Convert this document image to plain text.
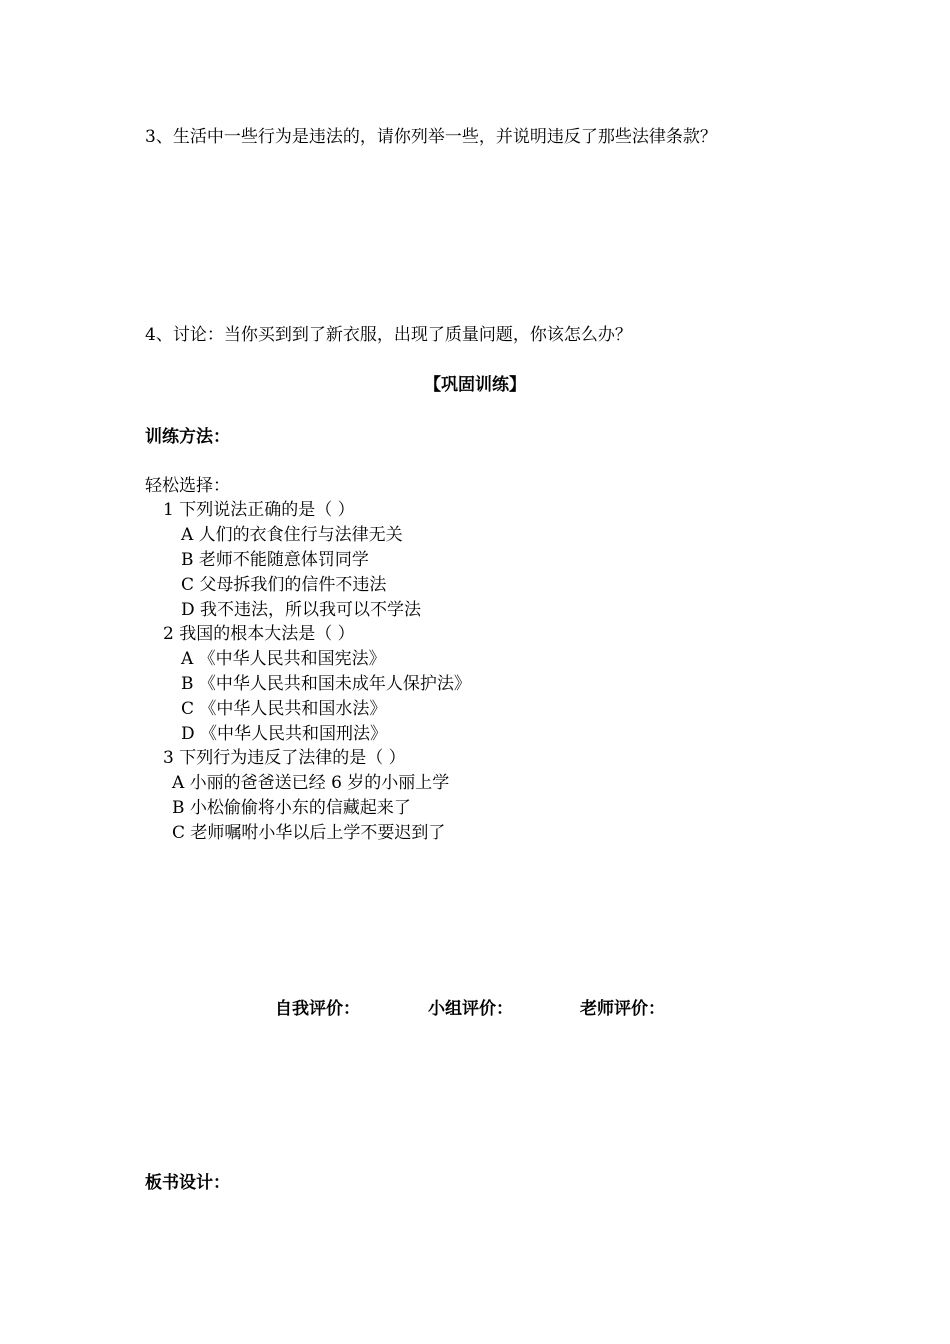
3、生活中一些行为是违法的，请你列举一些，并说明违反了那些法律条款？
4、讨论：当你买到到了新衣服，出现了质量问题，你该怎么办？
【巩固训练】
训练方法：
轻松选择：
1 下列说法正确的是（ ）
A 人们的衣食住行与法律无关
B 老师不能随意体罚同学
C 父母拆我们的信件不违法
D 我不违法，所以我可以不学法
2 我国的根本大法是（ ）
A 《中华人民共和国宪法》
B 《中华人民共和国未成年人保护法》
C 《中华人民共和国水法》
D 《中华人民共和国刑法》
3 下列行为违反了法律的是（ ）
A 小丽的爸爸送已经 6 岁的小丽上学
B 小松偷偷将小东的信藏起来了
C 老师嘱咐小华以后上学不要迟到了
自我评价：	小组评价：	老师评价：
板书设计：
